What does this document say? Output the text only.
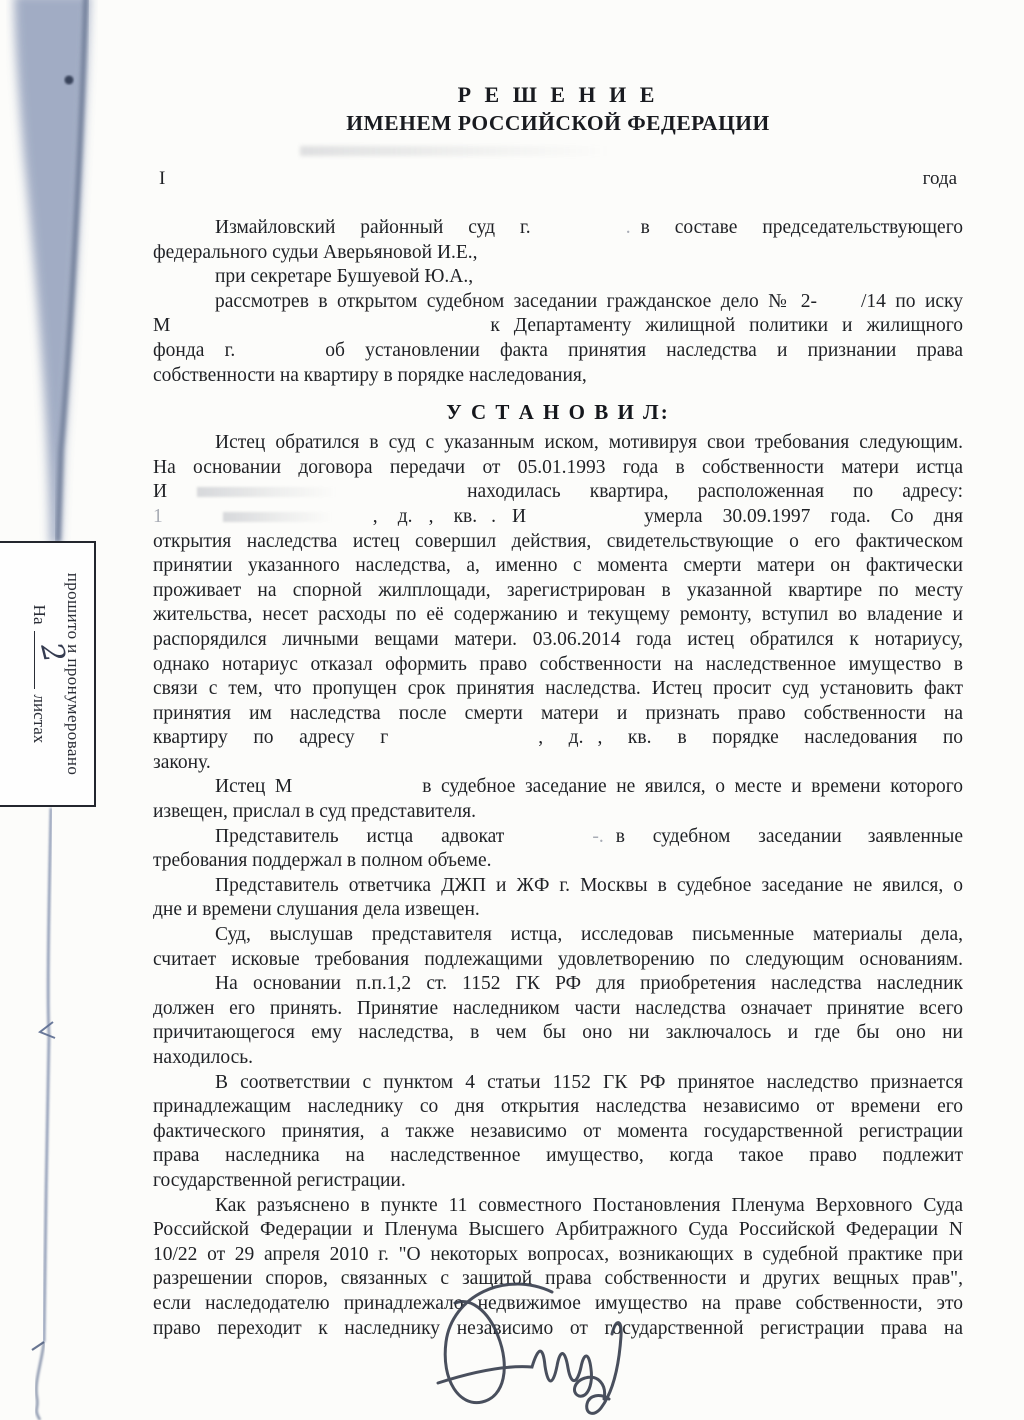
прошито и пронумеровано
На
2
листах
Р Е Ш Е Н И Е
ИМЕНЕМ РОССИЙСКОЙ ФЕДЕРАЦИИ
I	года
Измайловский районный суд г.	. в составе председательствующего
федерального судьи Аверьяновой И.Е.,
при секретаре Бушуевой Ю.А.,
рассмотрев в открытом судебном заседании гражданское дело № 2- /14 по иску
М	к Департаменту жилищной политики и жилищного
фонда г.	об установлении факта принятия наследства и признании права
собственности на квартиру в порядке наследования,
У С Т А Н О В И Л:
Истец обратился в суд с указанным иском, мотивируя свои требования следующим.
На основании договора передачи от 05.01.1993 года в собственности матери истца
И	находилась квартира, расположенная по адресу:
1	, д. , кв. . И	умерла 30.09.1997 года. Со дня
открытия наследства истец совершил действия, свидетельствующие о его фактическом
принятии указанного наследства, а, именно с момента смерти матери он фактически
проживает на спорной жилплощади, зарегистрирован в указанной квартире по месту
жительства, несет расходы по её содержанию и текущему ремонту, вступил во владение и
распорядился личными вещами матери. 03.06.2014 года истец обратился к нотариусу,
однако нотариус отказал оформить право собственности на наследственное имущество в
связи с тем, что пропущен срок принятия наследства. Истец просит суд установить факт
принятия им наследства после смерти матери и признать право собственности на
квартиру по адресу г	, д. , кв. в порядке наследования по
закону.
Истец М	в судебное заседание не явился, о месте и времени которого
извещен, прислал в суд представителя.
Представитель истца адвокат	-. в судебном заседании заявленные
требования поддержал в полном объеме.
Представитель ответчика ДЖП и ЖФ г. Москвы в судебное заседание не явился, о
дне и времени слушания дела извещен.
Суд, выслушав представителя истца, исследовав письменные материалы дела,
считает исковые требования подлежащими удовлетворению по следующим основаниям.
На основании п.п.1,2 ст. 1152 ГК РФ для приобретения наследства наследник
должен его принять. Принятие наследником части наследства означает принятие всего
причитающегося ему наследства, в чем бы оно ни заключалось и где бы оно ни
находилось.
В соответствии с пунктом 4 статьи 1152 ГК РФ принятое наследство признается
принадлежащим наследнику со дня открытия наследства независимо от времени его
фактического принятия, а также независимо от момента государственной регистрации
права наследника на наследственное имущество, когда такое право подлежит
государственной регистрации.
Как разъяснено в пункте 11 совместного Постановления Пленума Верховного Суда
Российской Федерации и Пленума Высшего Арбитражного Суда Российской Федерации N
10/22 от 29 апреля 2010 г. "О некоторых вопросах, возникающих в судебной практике при
разрешении споров, связанных с защитой права собственности и других вещных прав",
если наследодателю принадлежало недвижимое имущество на праве собственности, это
право переходит к наследнику независимо от государственной регистрации права на
